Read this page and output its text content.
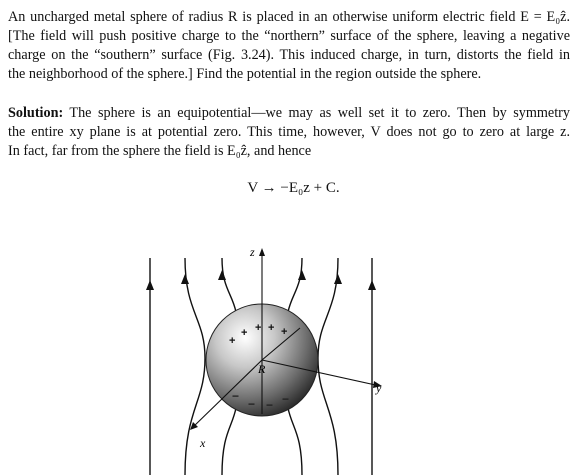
An uncharged metal sphere of radius R is placed in an otherwise uniform electric field E = E₀ẑ.
[The field will push positive charge to the “northern” surface of the sphere, leaving a negative
charge on the “southern” surface (Fig. 3.24). This induced charge, in turn, distorts the field in
the neighborhood of the sphere.] Find the potential in the region outside the sphere.
Solution: The sphere is an equipotential—we may as well set it to zero. Then by symmetry
the entire xy plane is at potential zero. This time, however, V does not go to zero at large z.
In fact, far from the sphere the field is E₀ẑ, and hence
V → −E₀z + C.
z
y
x
R
+
+ + + +
−
− − −
